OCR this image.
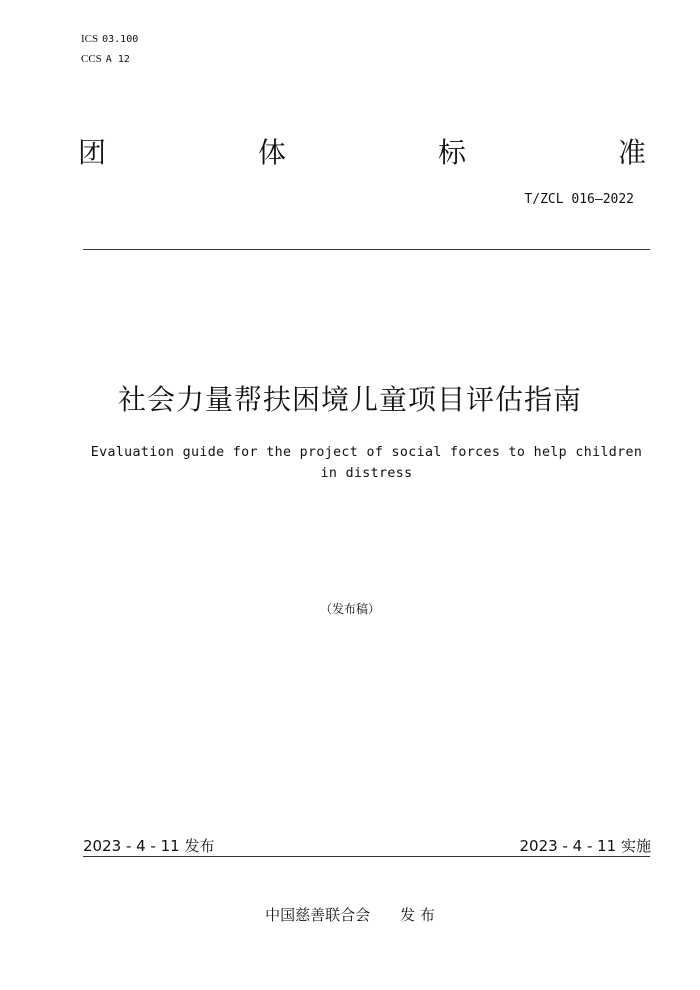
ICS 03.100
CCS A 12
团	体	标	准
T/ZCL 016—2022
社会力量帮扶困境儿童项目评估指南
Evaluation guide for the project of social forces to help children in distress
（发布稿）
2023 - 4 - 11 发布	2023 - 4 - 11 实施
中国慈善联合会 发 布
